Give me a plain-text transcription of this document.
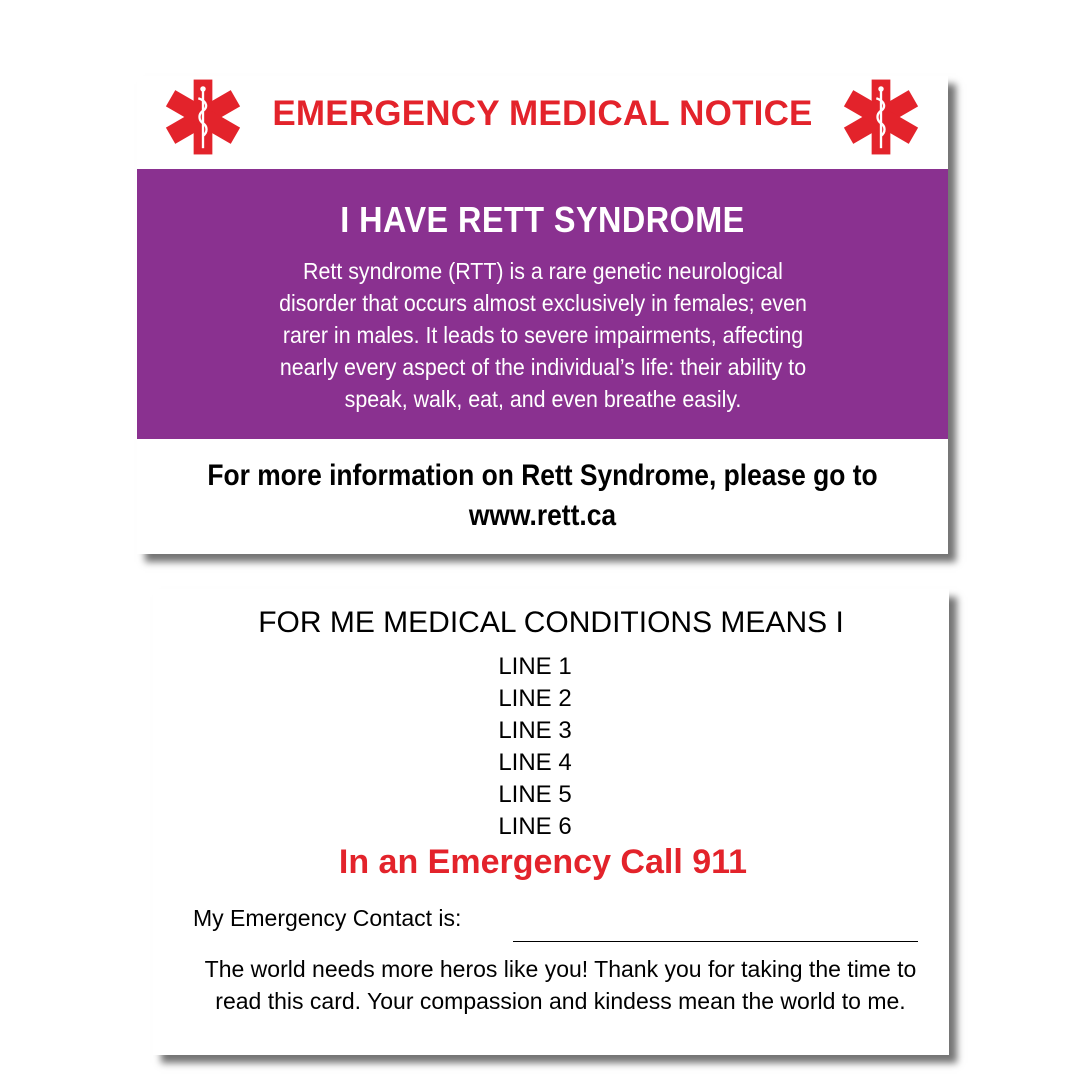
EMERGENCY MEDICAL NOTICE
I HAVE RETT SYNDROME
Rett syndrome (RTT) is a rare genetic neurological disorder that occurs almost exclusively in females; even rarer in males. It leads to severe impairments, affecting nearly every aspect of the individual’s life: their ability to speak, walk, eat, and even breathe easily.
For more information on Rett Syndrome, please go to
www.rett.ca
FOR ME MEDICAL CONDITIONS MEANS I
LINE 1
LINE 2
LINE 3
LINE 4
LINE 5
LINE 6
In an Emergency Call 911
My Emergency Contact is:
The world needs more heros like you! Thank you for taking the time to read this card. Your compassion and kindess mean the world to me.
